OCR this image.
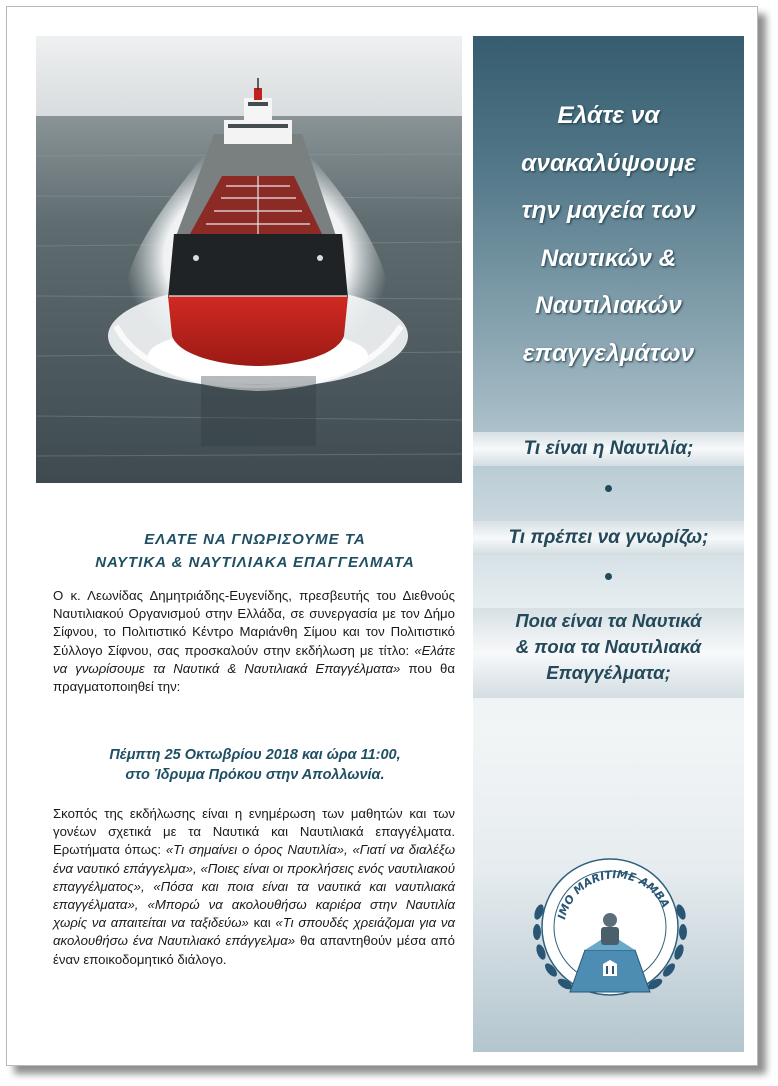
Ελάτε να
ανακαλύψουμε
την μαγεία των
Ναυτικών &
Ναυτιλιακών
επαγγελμάτων
Τι είναι η Ναυτιλία;
Τι πρέπει να γνωρίζω;
Ποια είναι τα Ναυτικά
& ποια τα Ναυτιλιακά
Επαγγέλματα;
IMO MARITIME AMBA
ΕΛΑΤΕ ΝΑ ΓΝΩΡΙΣΟΥΜΕ ΤΑ
ΝΑΥΤΙΚΑ & ΝΑΥΤΙΛΙΑΚΑ ΕΠΑΓΓΕΛΜΑΤΑ
Ο κ. Λεωνίδας Δημητριάδης-Ευγενίδης, πρεσβευτής του Διεθνούς Ναυτιλιακού Οργανισμού στην Ελλάδα, σε συνεργασία με τον Δήμο Σίφνου, το Πολιτιστικό Κέντρο Μαριάνθη Σίμου και τον Πολιτιστικό Σύλλογο Σίφνου, σας προσκαλούν στην εκδήλωση με τίτλο: «Ελάτε να γνωρίσουμε τα Ναυτικά & Ναυτιλιακά Επαγγέλματα» που θα πραγματοποιηθεί την:
Πέμπτη 25 Οκτωβρίου 2018 και ώρα 11:00,
στο Ίδρυμα Πρόκου στην Απολλωνία.
Σκοπός της εκδήλωσης είναι η ενημέρωση των μαθητών και των γονέων σχετικά με τα Ναυτικά και Ναυτιλιακά επαγγέλματα. Ερωτήματα όπως: «Τι σημαίνει ο όρος Ναυτιλία», «Γιατί να διαλέξω ένα ναυτικό επάγγελμα», «Ποιες είναι οι προκλήσεις ενός ναυτιλιακού επαγγέλματος», «Πόσα και ποια είναι τα ναυτικά και ναυτιλιακά επαγγέλματα», «Μπορώ να ακολουθήσω καριέρα στην Ναυτιλία χωρίς να απαιτείται να ταξιδεύω» και «Τι σπουδές χρειάζομαι για να ακολουθήσω ένα Ναυτιλιακό επάγγελμα» θα απαντηθούν μέσα από έναν εποικοδομητικό διάλογο.
